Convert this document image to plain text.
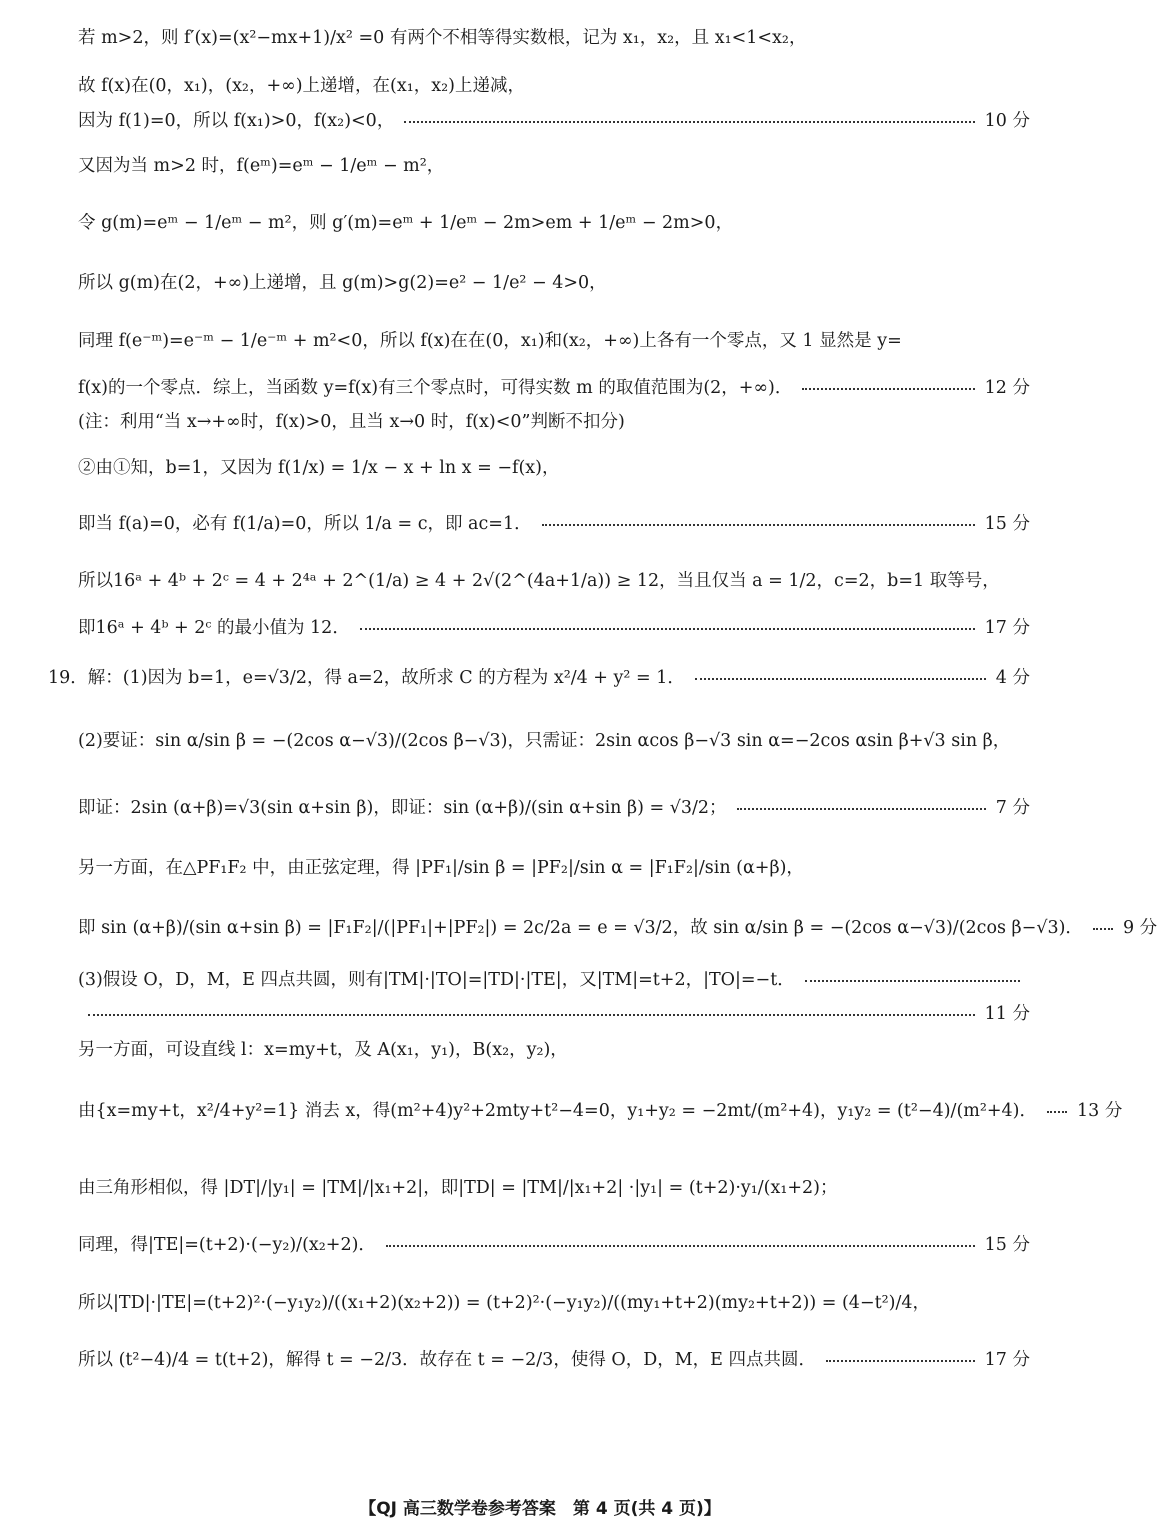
若 m>2，则 f′(x)=(x²−mx+1)/x² =0 有两个不相等得实数根，记为 x₁，x₂，且 x₁<1<x₂，
故 f(x)在(0，x₁)，(x₂，+∞)上递增，在(x₁，x₂)上递减，
因为 f(1)=0，所以 f(x₁)>0，f(x₂)<0，	10 分
又因为当 m>2 时，f(eᵐ)=eᵐ − 1/eᵐ − m²，
令 g(m)=eᵐ − 1/eᵐ − m²，则 g′(m)=eᵐ + 1/eᵐ − 2m>em + 1/eᵐ − 2m>0，
所以 g(m)在(2，+∞)上递增，且 g(m)>g(2)=e² − 1/e² − 4>0，
同理 f(e⁻ᵐ)=e⁻ᵐ − 1/e⁻ᵐ + m²<0，所以 f(x)在在(0，x₁)和(x₂，+∞)上各有一个零点，又 1 显然是 y=
f(x)的一个零点．综上，当函数 y=f(x)有三个零点时，可得实数 m 的取值范围为(2，+∞)．	12 分
(注：利用“当 x→+∞时，f(x)>0，且当 x→0 时，f(x)<0”判断不扣分)
②由①知，b=1，又因为 f(1/x) = 1/x − x + ln x = −f(x)，
即当 f(a)=0，必有 f(1/a)=0，所以 1/a = c，即 ac=1．	15 分
所以16ᵃ + 4ᵇ + 2ᶜ = 4 + 2⁴ᵃ + 2^(1/a) ≥ 4 + 2√(2^(4a+1/a)) ≥ 12，当且仅当 a = 1/2，c=2，b=1 取等号，
即16ᵃ + 4ᵇ + 2ᶜ 的最小值为 12．	17 分
19．解：(1)因为 b=1，e=√3/2，得 a=2，故所求 C 的方程为 x²/4 + y² = 1．	4 分
(2)要证：sin α/sin β = −(2cos α−√3)/(2cos β−√3)，只需证：2sin αcos β−√3 sin α=−2cos αsin β+√3 sin β，
即证：2sin (α+β)=√3(sin α+sin β)，即证：sin (α+β)/(sin α+sin β) = √3/2；	7 分
另一方面，在△PF₁F₂ 中，由正弦定理，得 |PF₁|/sin β = |PF₂|/sin α = |F₁F₂|/sin (α+β)，
即 sin (α+β)/(sin α+sin β) = |F₁F₂|/(|PF₁|+|PF₂|) = 2c/2a = e = √3/2，故 sin α/sin β = −(2cos α−√3)/(2cos β−√3)． 9 分
(3)假设 O，D，M，E 四点共圆，则有|TM|·|TO|=|TD|·|TE|，又|TM|=t+2，|TO|=−t．
11 分
另一方面，可设直线 l：x=my+t，及 A(x₁，y₁)，B(x₂，y₂)，
由{x=my+t，x²/4+y²=1} 消去 x，得(m²+4)y²+2mty+t²−4=0，y₁+y₂ = −2mt/(m²+4)，y₁y₂ = (t²−4)/(m²+4)． 13 分
由三角形相似，得 |DT|/|y₁| = |TM|/|x₁+2|，即|TD| = |TM|/|x₁+2| ·|y₁| = (t+2)·y₁/(x₁+2)；
同理，得|TE|=(t+2)·(−y₂)/(x₂+2)．	15 分
所以|TD|·|TE|=(t+2)²·(−y₁y₂)/((x₁+2)(x₂+2)) = (t+2)²·(−y₁y₂)/((my₁+t+2)(my₂+t+2)) = (4−t²)/4，
所以 (t²−4)/4 = t(t+2)，解得 t = −2/3．故存在 t = −2/3，使得 O，D，M，E 四点共圆．	17 分
【QJ 高三数学卷参考答案　第 4 页(共 4 页)】
